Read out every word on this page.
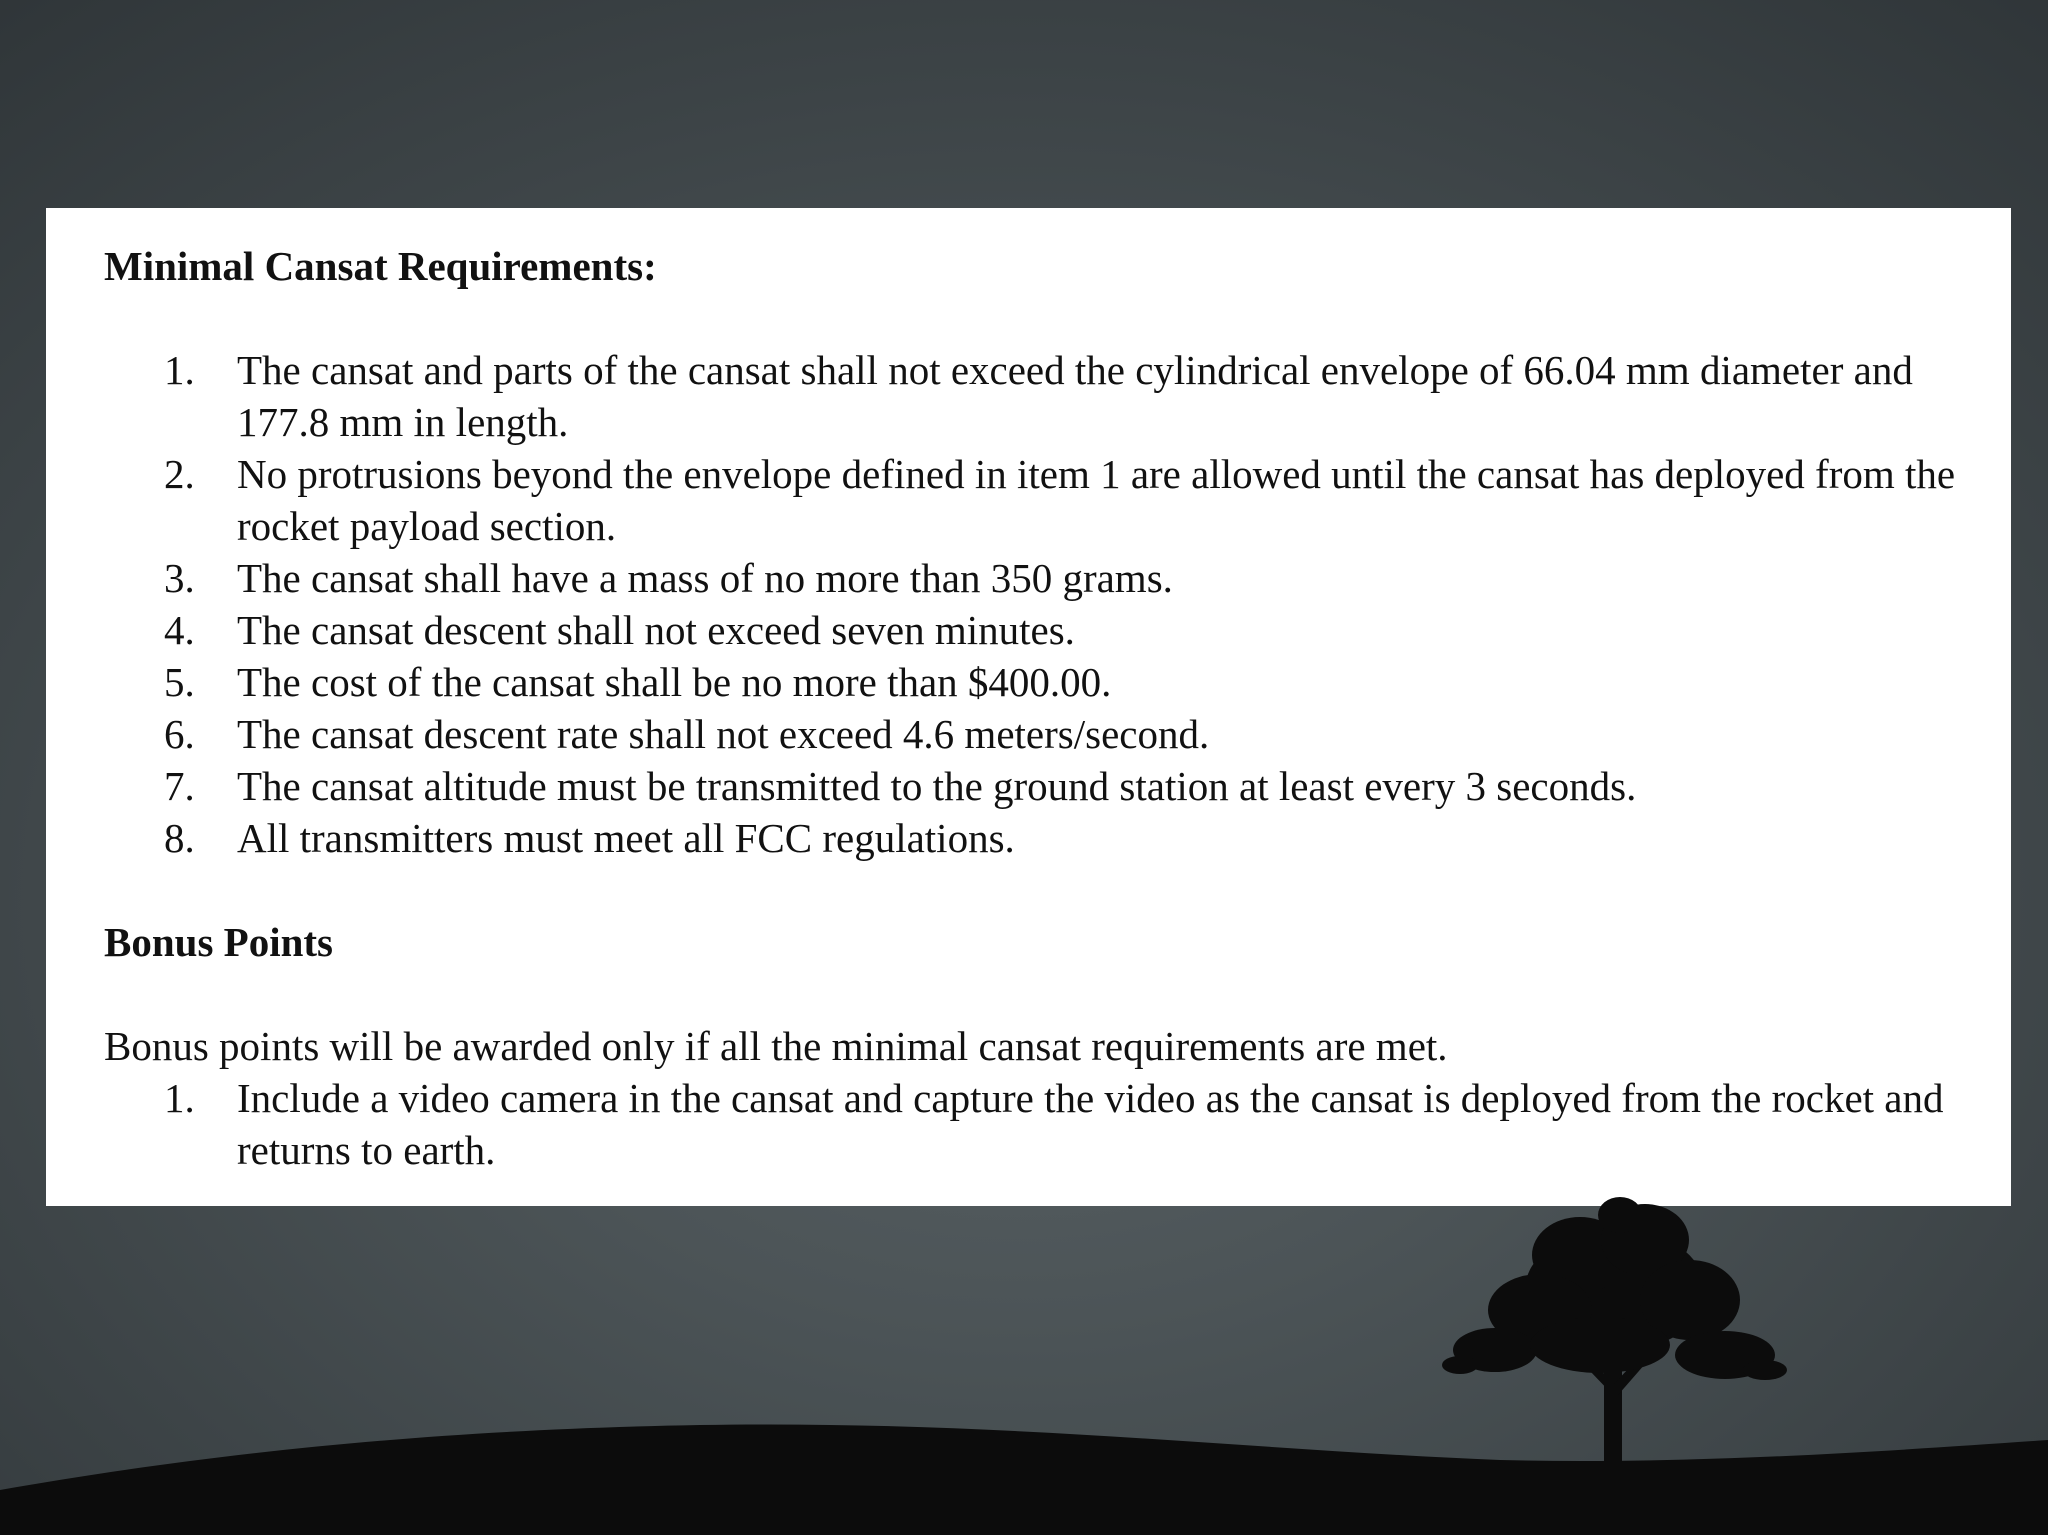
Minimal Cansat Requirements:

1. The cansat and parts of the cansat shall not exceed the cylindrical envelope of 66.04 mm diameter and 177.8 mm in length.
2. No protrusions beyond the envelope defined in item 1 are allowed until the cansat has deployed from the rocket payload section.
3. The cansat shall have a mass of no more than 350 grams.
4. The cansat descent shall not exceed seven minutes.
5. The cost of the cansat shall be no more than $400.00.
6. The cansat descent rate shall not exceed 4.6 meters/second.
7. The cansat altitude must be transmitted to the ground station at least every 3 seconds.
8. All transmitters must meet all FCC regulations.

Bonus Points

Bonus points will be awarded only if all the minimal cansat requirements are met.

1. Include a video camera in the cansat and capture the video as the cansat is deployed from the rocket and returns to earth.
